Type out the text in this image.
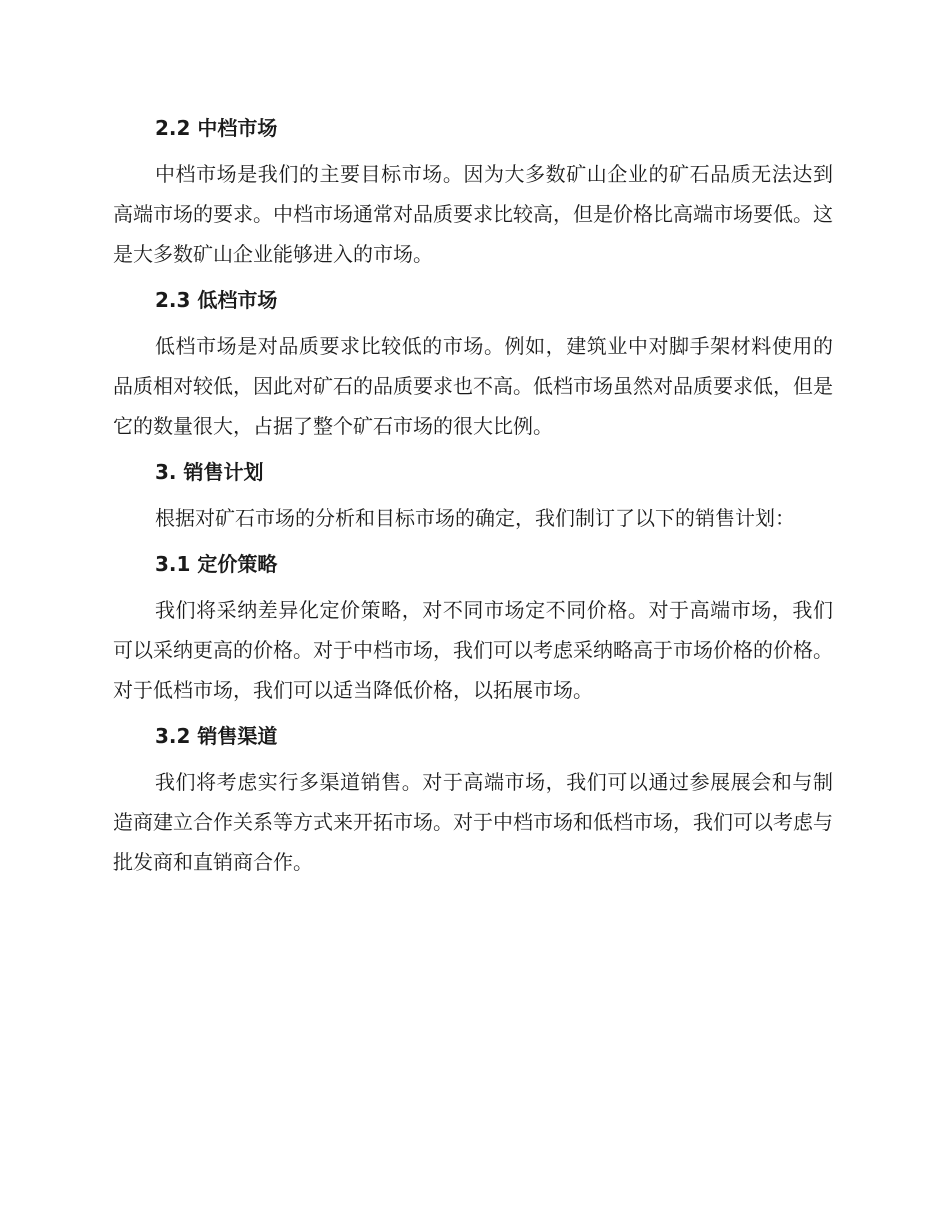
2.2 中档市场

中档市场是我们的主要目标市场。因为大多数矿山企业的矿石品质无法达到高端市场的要求。中档市场通常对品质要求比较高，但是价格比高端市场要低。这是大多数矿山企业能够进入的市场。

2.3 低档市场

低档市场是对品质要求比较低的市场。例如，建筑业中对脚手架材料使用的品质相对较低，因此对矿石的品质要求也不高。低档市场虽然对品质要求低，但是它的数量很大，占据了整个矿石市场的很大比例。

3. 销售计划

根据对矿石市场的分析和目标市场的确定，我们制订了以下的销售计划：

3.1 定价策略

我们将采纳差异化定价策略，对不同市场定不同价格。对于高端市场，我们可以采纳更高的价格。对于中档市场，我们可以考虑采纳略高于市场价格的价格。对于低档市场，我们可以适当降低价格，以拓展市场。

3.2 销售渠道

我们将考虑实行多渠道销售。对于高端市场，我们可以通过参展展会和与制造商建立合作关系等方式来开拓市场。对于中档市场和低档市场，我们可以考虑与批发商和直销商合作。
